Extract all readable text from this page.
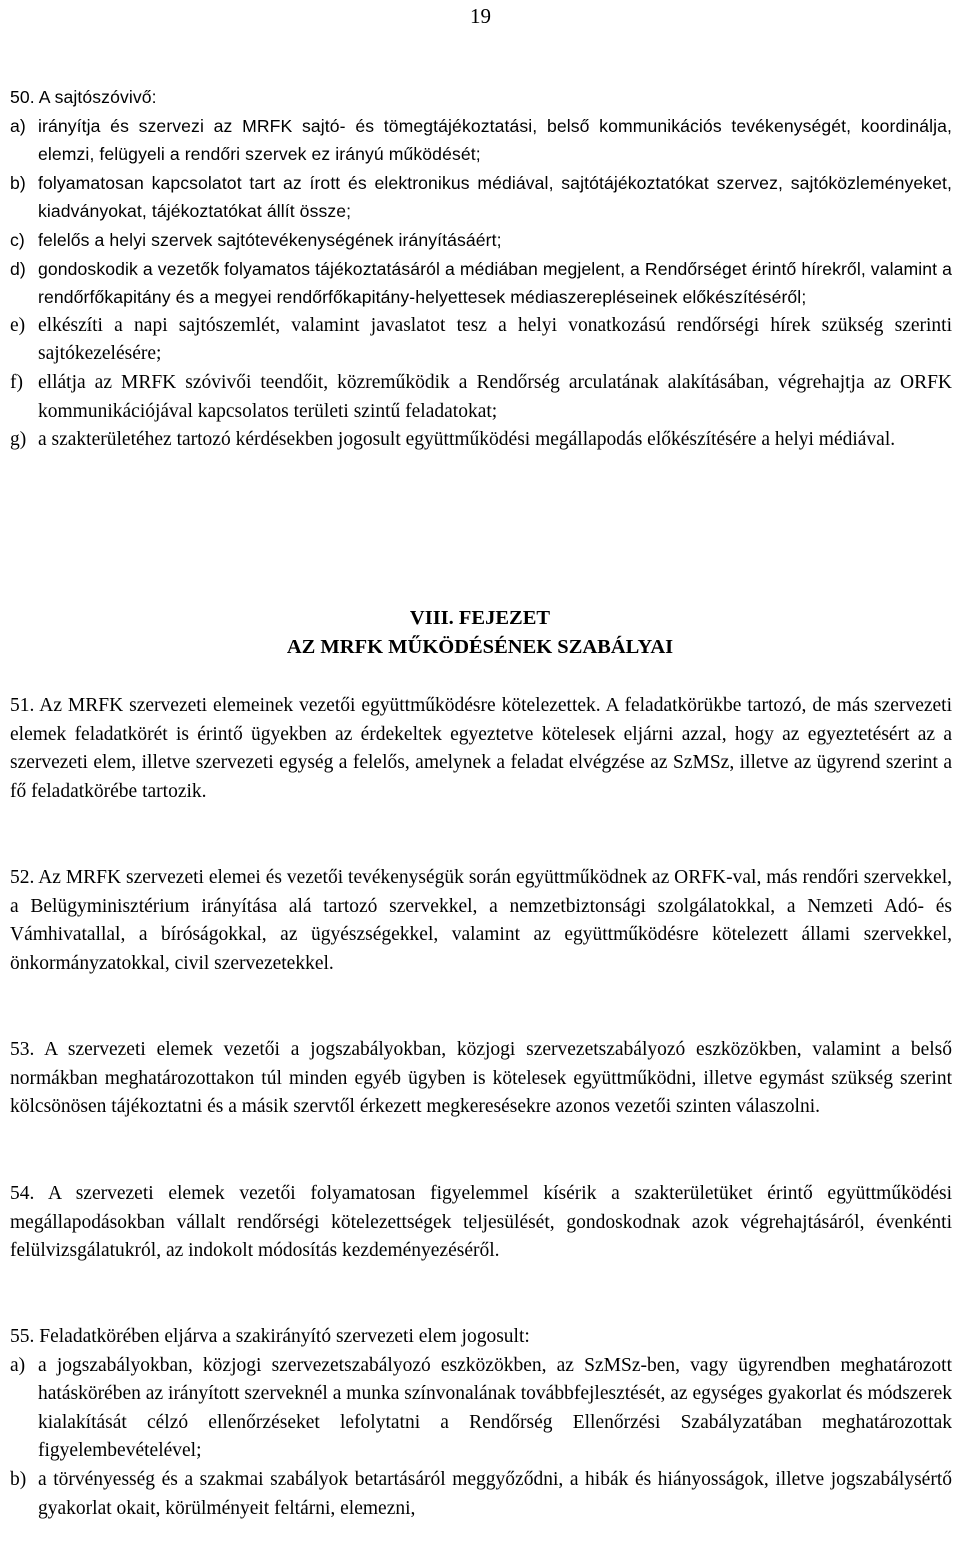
19
50. A sajtószóvivő:
a) irányítja és szervezi az MRFK sajtó- és tömegtájékoztatási, belső kommunikációs tevékenységét, koordinálja, elemzi, felügyeli a rendőri szervek ez irányú működését;
b) folyamatosan kapcsolatot tart az írott és elektronikus médiával, sajtótájékoztatókat szervez, sajtóközleményeket, kiadványokat, tájékoztatókat állít össze;
c) felelős a helyi szervek sajtótevékenységének irányításáért;
d) gondoskodik a vezetők folyamatos tájékoztatásáról a médiában megjelent, a Rendőrséget érintő hírekről, valamint a rendőrfőkapitány és a megyei rendőrfőkapitány-helyettesek médiaszerepléseinek előkészítéséről;
e) elkészíti a napi sajtószemlét, valamint javaslatot tesz a helyi vonatkozású rendőrségi hírek szükség szerinti sajtókezelésére;
f) ellátja az MRFK szóvivői teendőit, közreműködik a Rendőrség arculatának alakításában, végrehajtja az ORFK kommunikációjával kapcsolatos területi szintű feladatokat;
g) a szakterületéhez tartozó kérdésekben jogosult együttműködési megállapodás előkészítésére a helyi médiával.
VIII. FEJEZET
AZ MRFK MŰKÖDÉSÉNEK SZABÁLYAI
51. Az MRFK szervezeti elemeinek vezetői együttműködésre kötelezettek. A feladatkörükbe tartozó, de más szervezeti elemek feladatkörét is érintő ügyekben az érdekeltek egyeztetve kötelesek eljárni azzal, hogy az egyeztetésért az a szervezeti elem, illetve szervezeti egység a felelős, amelynek a feladat elvégzése az SzMSz, illetve az ügyrend szerint a fő feladatkörébe tartozik.
52. Az MRFK szervezeti elemei és vezetői tevékenységük során együttműködnek az ORFK-val, más rendőri szervekkel, a Belügyminisztérium irányítása alá tartozó szervekkel, a nemzetbiztonsági szolgálatokkal, a Nemzeti Adó- és Vámhivatallal, a bíróságokkal, az ügyészségekkel, valamint az együttműködésre kötelezett állami szervekkel, önkormányzatokkal, civil szervezetekkel.
53. A szervezeti elemek vezetői a jogszabályokban, közjogi szervezetszabályozó eszközökben, valamint a belső normákban meghatározottakon túl minden egyéb ügyben is kötelesek együttműködni, illetve egymást szükség szerint kölcsönösen tájékoztatni és a másik szervtől érkezett megkeresésekre azonos vezetői szinten válaszolni.
54. A szervezeti elemek vezetői folyamatosan figyelemmel kísérik a szakterületüket érintő együttműködési megállapodásokban vállalt rendőrségi kötelezettségek teljesülését, gondoskodnak azok végrehajtásáról, évenkénti felülvizsgálatukról, az indokolt módosítás kezdeményezéséről.
55. Feladatkörében eljárva a szakirányító szervezeti elem jogosult:
a) a jogszabályokban, közjogi szervezetszabályozó eszközökben, az SzMSz-ben, vagy ügyrendben meghatározott hatáskörében az irányított szerveknél a munka színvonalának továbbfejlesztését, az egységes gyakorlat és módszerek kialakítását célzó ellenőrzéseket lefolytatni a Rendőrség Ellenőrzési Szabályzatában meghatározottak figyelembevételével;
b) a törvényesség és a szakmai szabályok betartásáról meggyőződni, a hibák és hiányosságok, illetve jogszabálysértő gyakorlat okait, körülményeit feltárni, elemezni,
